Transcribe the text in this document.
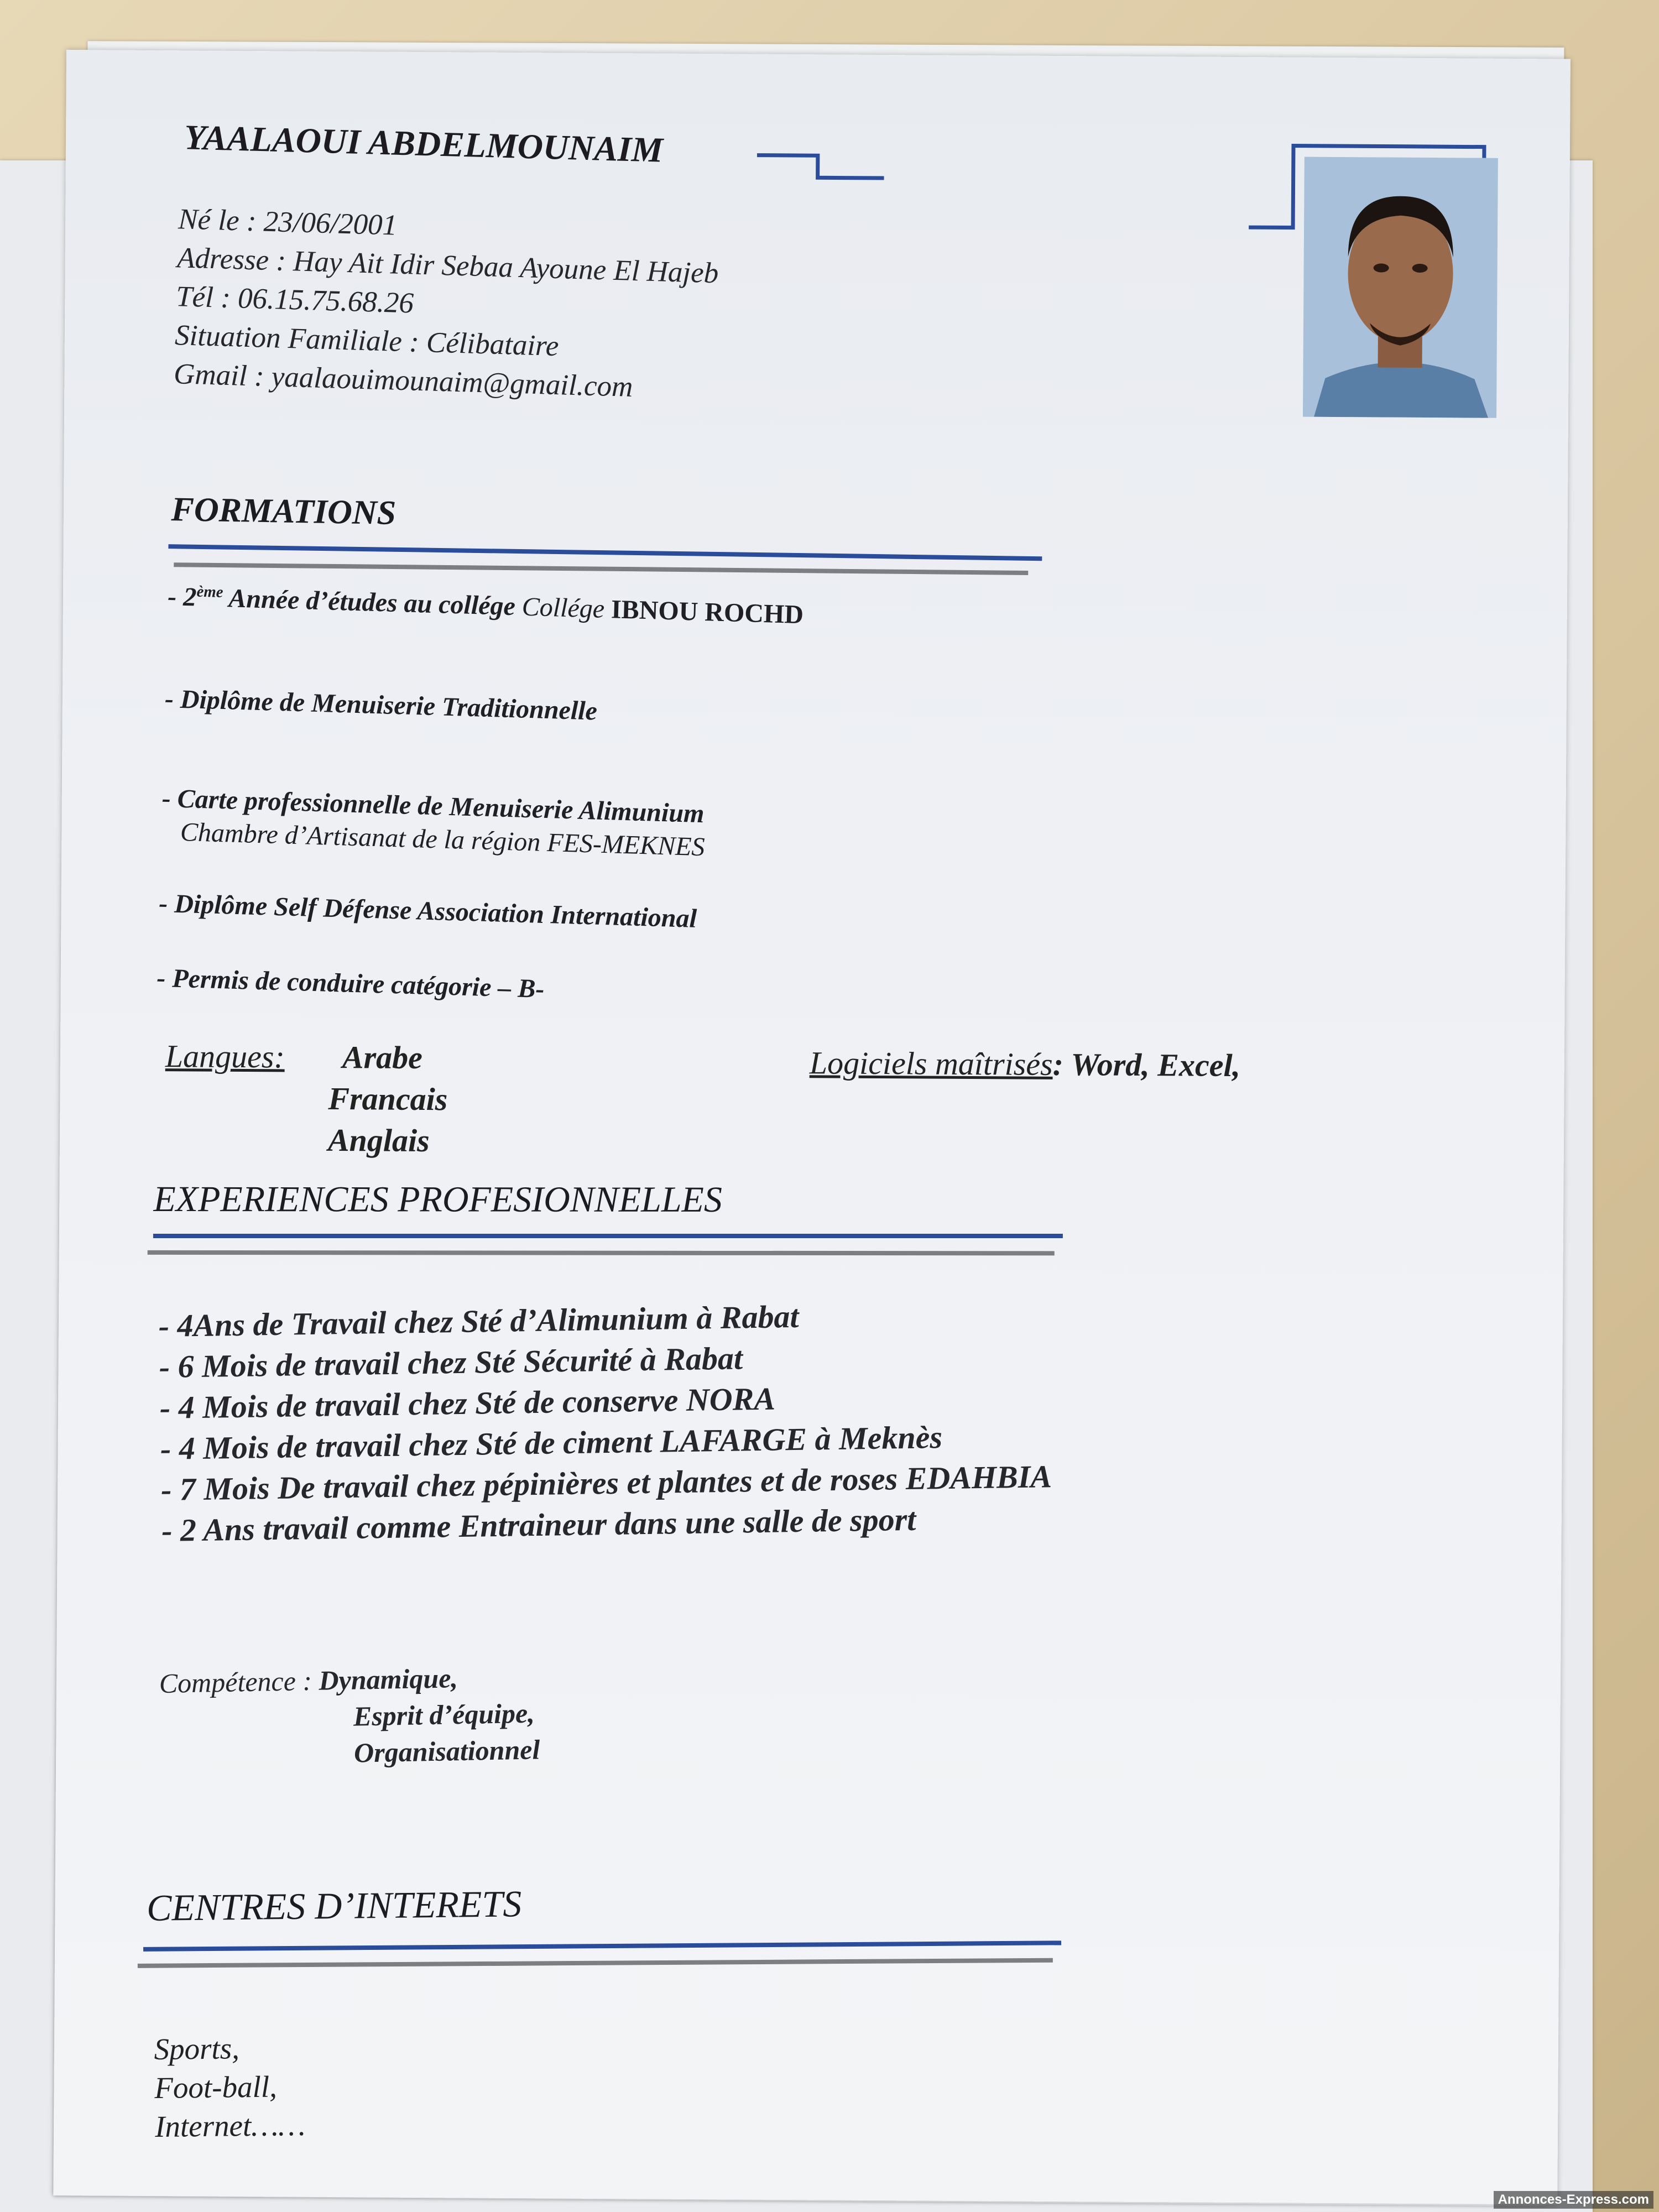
YAALAOUI ABDELMOUNAIM
Né le : 23/06/2001
Adresse : Hay Ait Idir Sebaa Ayoune El Hajeb
Tél : 06.15.75.68.26
Situation Familiale : Célibataire
Gmail : yaalaouimounaim@gmail.com
FORMATIONS
- 2ème Année d’études au collége Collége IBNOU ROCHD
- Diplôme de Menuiserie Traditionnelle
- Carte professionnelle de Menuiserie Alimunium
Chambre d’Artisanat de la région FES-MEKNES
- Diplôme Self Défense Association International
- Permis de conduire catégorie – B-
Langues: Arabe
Francais
Anglais
Logiciels maîtrisés: Word, Excel,
EXPERIENCES PROFESIONNELLES
- 4Ans de Travail chez Sté d’Alimunium à Rabat
- 6 Mois de travail chez Sté Sécurité à Rabat
- 4 Mois de travail chez Sté de conserve NORA
- 4 Mois de travail chez Sté de ciment LAFARGE à Meknès
- 7 Mois De travail chez pépinières et plantes et de roses EDAHBIA
- 2 Ans travail comme Entraineur dans une salle de sport
Compétence : Dynamique,
Esprit d’équipe,
Organisationnel
CENTRES D’INTERETS
Sports,
Foot-ball,
Internet……
Annonces-Express.com
